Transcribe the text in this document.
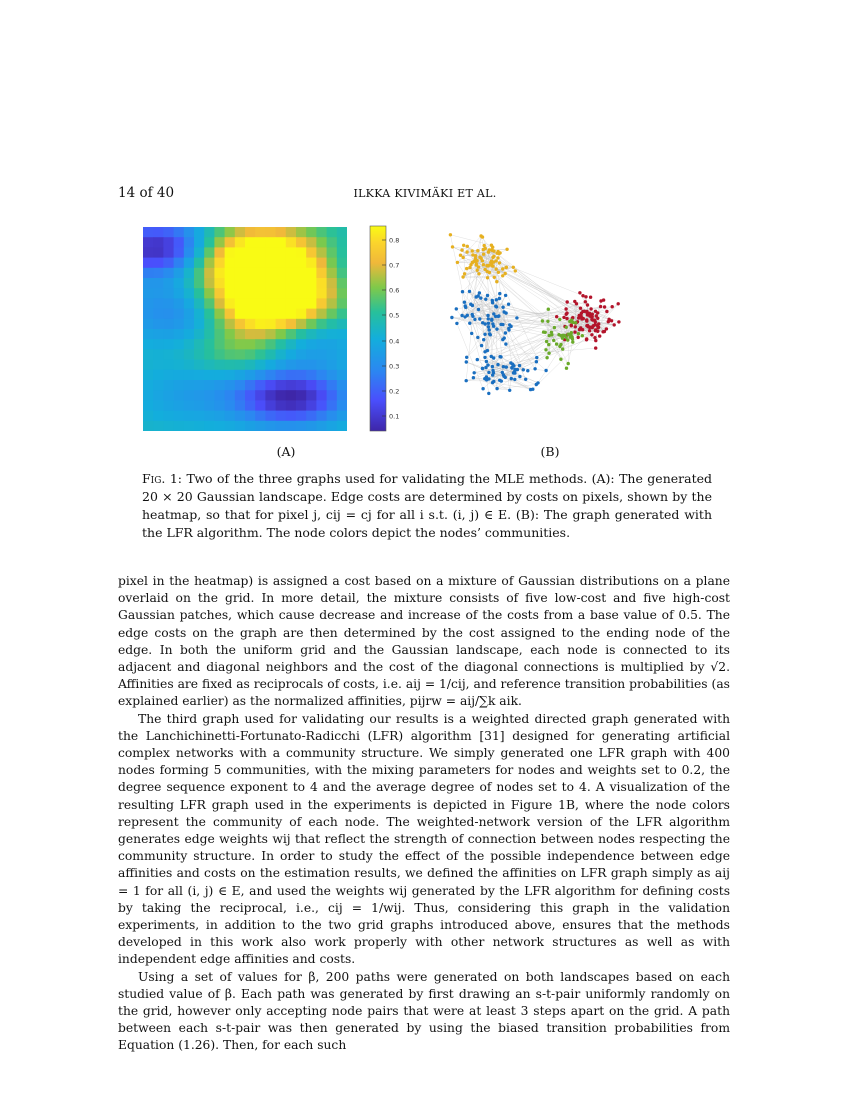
14 of 40	ILKKA KIVIMÄKI ET AL.
0.8
0.7
0.6
0.5
0.4
0.3
0.2
0.1
(A)	(B)
Fig. 1: Two of the three graphs used for validating the MLE methods. (A): The generated 20 × 20 Gaussian landscape. Edge costs are determined by costs on pixels, shown by the heatmap, so that for pixel j, cij = cj for all i s.t. (i, j) ∈ E. (B): The graph generated with the LFR algorithm. The node colors depict the nodes’ communities.

pixel in the heatmap) is assigned a cost based on a mixture of Gaussian distributions on a plane overlaid on the grid. In more detail, the mixture consists of five low-cost and five high-cost Gaussian patches, which cause decrease and increase of the costs from a base value of 0.5. The edge costs on the graph are then determined by the cost assigned to the ending node of the edge. In both the uniform grid and the Gaussian landscape, each node is connected to its adjacent and diagonal neighbors and the cost of the diagonal connections is multiplied by √2. Affinities are fixed as reciprocals of costs, i.e. aij = 1/cij, and reference transition probabilities (as explained earlier) as the normalized affinities, pijrw = aij/∑k aik.

The third graph used for validating our results is a weighted directed graph generated with the Lanchichinetti-Fortunato-Radicchi (LFR) algorithm [31] designed for generating artificial complex networks with a community structure. We simply generated one LFR graph with 400 nodes forming 5 communities, with the mixing parameters for nodes and weights set to 0.2, the degree sequence exponent to 4 and the average degree of nodes set to 4. A visualization of the resulting LFR graph used in the experiments is depicted in Figure 1B, where the node colors represent the community of each node. The weighted-network version of the LFR algorithm generates edge weights wij that reflect the strength of connection between nodes respecting the community structure. In order to study the effect of the possible independence between edge affinities and costs on the estimation results, we defined the affinities on LFR graph simply as aij = 1 for all (i, j) ∈ E, and used the weights wij generated by the LFR algorithm for defining costs by taking the reciprocal, i.e., cij = 1/wij. Thus, considering this graph in the validation experiments, in addition to the two grid graphs introduced above, ensures that the methods developed in this work also work properly with other network structures as well as with independent edge affinities and costs.

Using a set of values for β, 200 paths were generated on both landscapes based on each studied value of β. Each path was generated by first drawing an s-t-pair uniformly randomly on the grid, however only accepting node pairs that were at least 3 steps apart on the grid. A path between each s-t-pair was then generated by using the biased transition probabilities from Equation (1.26). Then, for each such
